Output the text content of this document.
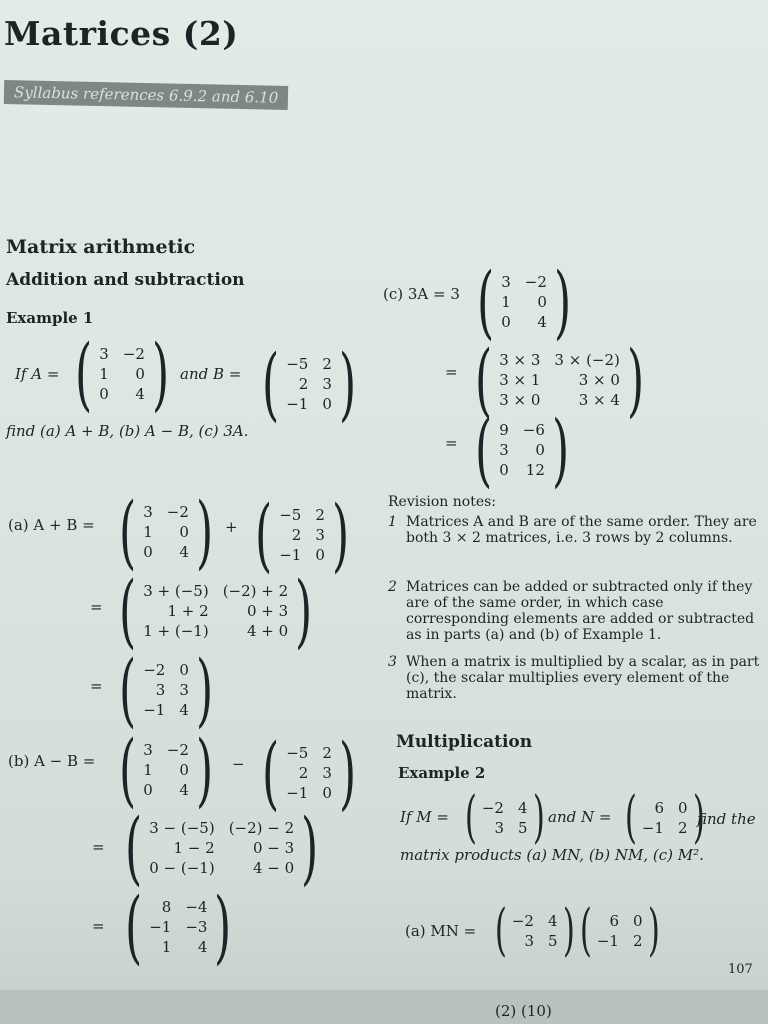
Matrices (2)
Syllabus references 6.9.2 and 6.10
Matrix arithmetic
Addition and subtraction
Example 1
If A = ( 3 −2
1	0
0	4 ) and B = ( −5 2
2 3
−1 0 )
find (a) A + B, (b) A − B, (c) 3A.
(a) A + B = ( 3 −2
1	0
0	4 ) + ( −5 2
2 3
−1 0 )
= ( 3 + (−5) (−2) + 2
1 + 2	0 + 3
1 + (−1)	4 + 0 )
= ( −2 0
3 3
−1 4 )
(b) A − B = ( 3 −2
1	0
0	4 ) − ( −5 2
2 3
−1 0 )
= ( 3 − (−5) (−2) − 2
1 − 2	0 − 3
0 − (−1)	4 − 0 )
= (	8 −4
−1 −3
1	4 )
(c) 3A = 3 ( 3 −2
1	0
0	4 )
= ( 3 × 3 3 × (−2)
3 × 1	3 × 0
3 × 0	3 × 4 )
= ( 9 −6
3	0
0 12 )
Revision notes:
1 Matrices A and B are of the same order. They are both 3 × 2 matrices, i.e. 3 rows by 2 columns.
2 Matrices can be added or subtracted only if they are of the same order, in which case corresponding elements are added or subtracted as in parts (a) and (b) of Example 1.
3 When a matrix is multiplied by a scalar, as in part (c), the scalar multiplies every element of the matrix.
Multiplication
Example 2
If M = ( −2 4
3 5 ) and N = (	6 0
−1 2 )
find the
matrix products (a) MN, (b) NM, (c) M².
(a) MN = ( −2 4
3 5 ) (	6 0
−1 2 )
107
(2) (10)
